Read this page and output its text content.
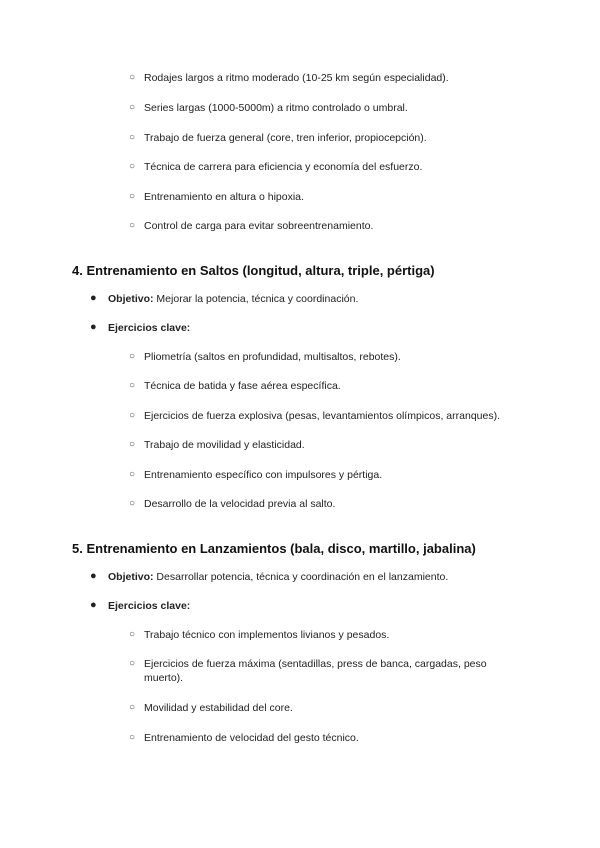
○ Rodajes largos a ritmo moderado (10-25 km según especialidad).
○ Series largas (1000-5000m) a ritmo controlado o umbral.
○ Trabajo de fuerza general (core, tren inferior, propiocepción).
○ Técnica de carrera para eficiencia y economía del esfuerzo.
○ Entrenamiento en altura o hipoxia.
○ Control de carga para evitar sobreentrenamiento.
4. Entrenamiento en Saltos (longitud, altura, triple, pértiga)
● Objetivo: Mejorar la potencia, técnica y coordinación.
● Ejercicios clave:
○ Pliometría (saltos en profundidad, multisaltos, rebotes).
○ Técnica de batida y fase aérea específica.
○ Ejercicios de fuerza explosiva (pesas, levantamientos olímpicos, arranques).
○ Trabajo de movilidad y elasticidad.
○ Entrenamiento específico con impulsores y pértiga.
○ Desarrollo de la velocidad previa al salto.
5. Entrenamiento en Lanzamientos (bala, disco, martillo, jabalina)
● Objetivo: Desarrollar potencia, técnica y coordinación en el lanzamiento.
● Ejercicios clave:
○ Trabajo técnico con implementos livianos y pesados.
○ Ejercicios de fuerza máxima (sentadillas, press de banca, cargadas, peso muerto).
○ Movilidad y estabilidad del core.
○ Entrenamiento de velocidad del gesto técnico.
